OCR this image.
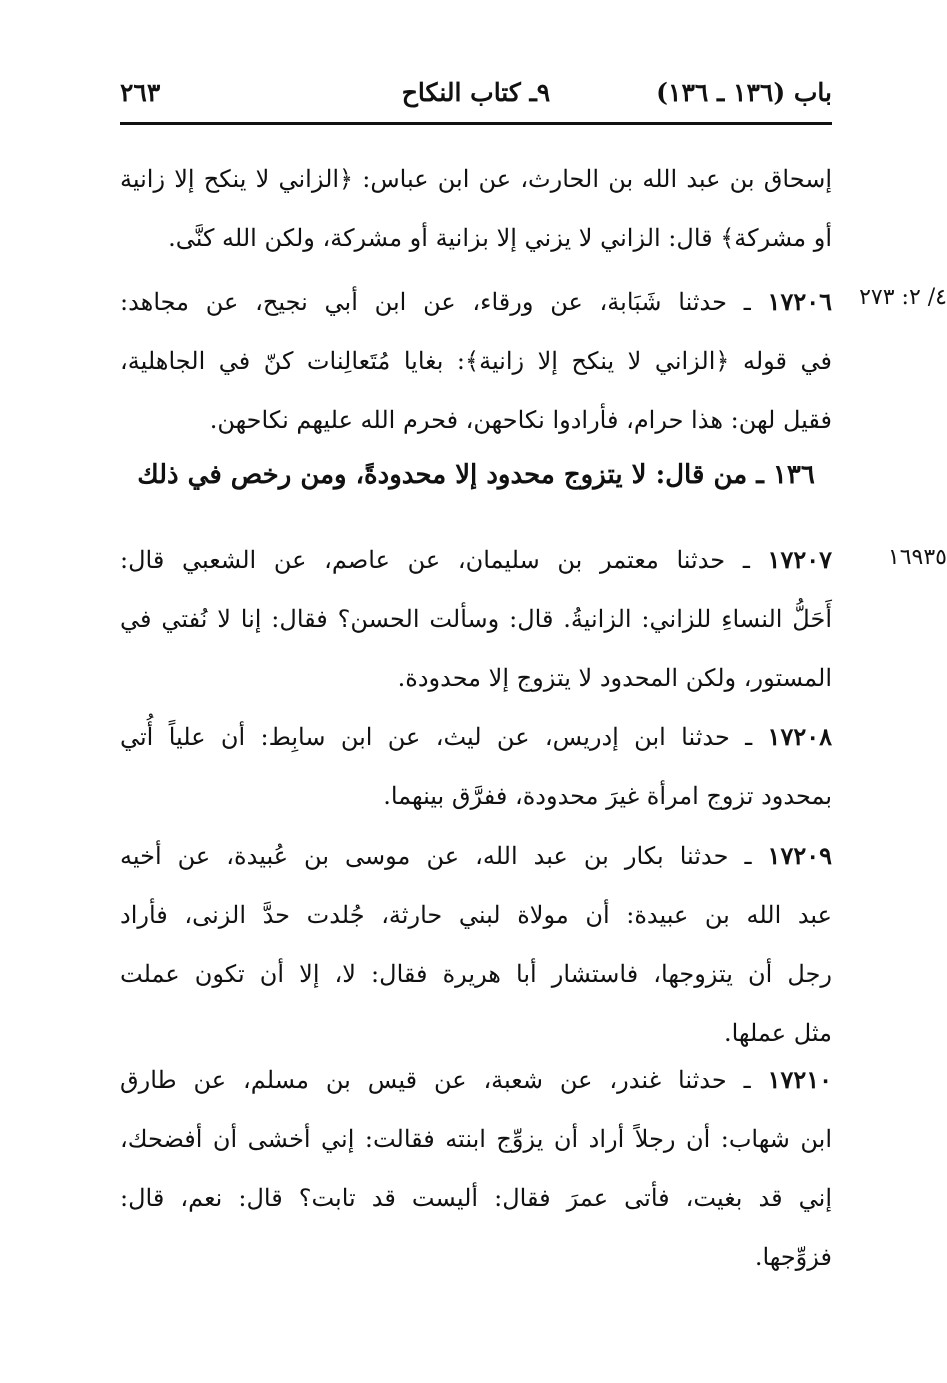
باب (١٣٦ ـ ١٣٦)
٩ـ كتاب النكاح
٢٦٣
إسحاق بن عبد الله بن الحارث، عن ابن عباس: ﴿الزاني لا ينكح إلا زانية
أو مشركة﴾ قال: الزاني لا يزني إلا بزانية أو مشركة، ولكن الله كنَّى.
٤/ ٢: ٢٧٣
١٧٢٠٦ ـ حدثنا شَبَابة، عن ورقاء، عن ابن أبي نجيح، عن مجاهد:
في قوله ﴿الزاني لا ينكح إلا زانية﴾: بغايا مُتَعالِنات كنّ في الجاهلية،
فقيل لهن: هذا حرام، فأرادوا نكاحهن، فحرم الله عليهم نكاحهن.
١٣٦ ـ من قال: لا يتزوج محدود إلا محدودةً، ومن رخص في ذلك
١٦٩٣٥
١٧٢٠٧ ـ حدثنا معتمر بن سليمان، عن عاصم، عن الشعبي قال:
أَحَلُّ النساءِ للزاني: الزانيةُ. قال: وسألت الحسن؟ فقال: إنا لا نُفتي في
المستور، ولكن المحدود لا يتزوج إلا محدودة.
١٧٢٠٨ ـ حدثنا ابن إدريس، عن ليث، عن ابن سابِط: أن علياً أُتي
بمحدود تزوج امرأة غيرَ محدودة، ففرَّق بينهما.
١٧٢٠٩ ـ حدثنا بكار بن عبد الله، عن موسى بن عُبيدة، عن أخيه
عبد الله بن عبيدة: أن مولاة لبني حارثة، جُلدت حدَّ الزنى، فأراد
رجل أن يتزوجها، فاستشار أبا هريرة فقال: لا، إلا أن تكون عملت
مثل عملها.
١٧٢١٠ ـ حدثنا غندر، عن شعبة، عن قيس بن مسلم، عن طارق
ابن شهاب: أن رجلاً أراد أن يزوِّج ابنته فقالت: إني أخشى أن أفضحك،
إني قد بغيت، فأتى عمرَ فقال: أليست قد تابت؟ قال: نعم، قال:
فزوِّجها.
